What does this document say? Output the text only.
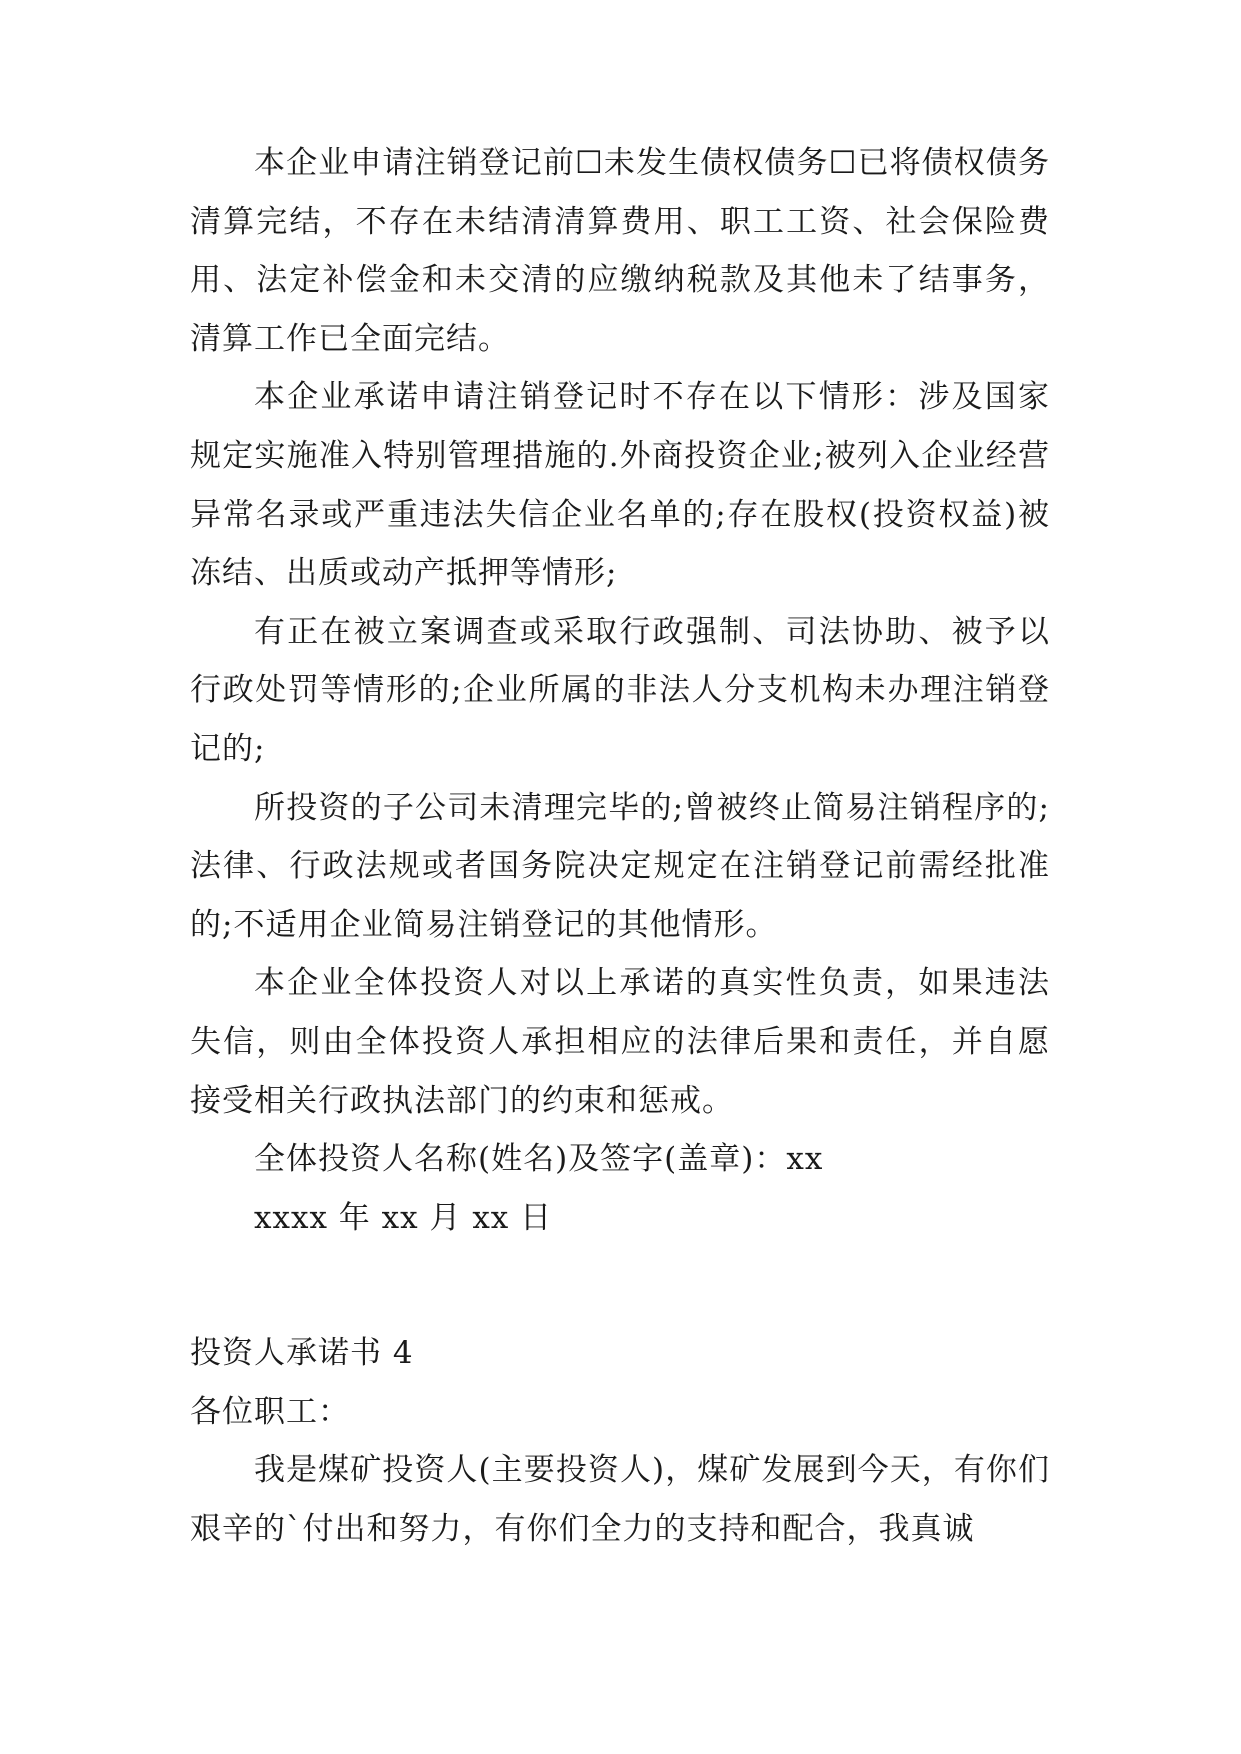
本企业申请注销登记前☐未发生债权债务☐已将债权债务清算完结，不存在未结清清算费用、职工工资、社会保险费用、法定补偿金和未交清的应缴纳税款及其他未了结事务，清算工作已全面完结。

本企业承诺申请注销登记时不存在以下情形：涉及国家规定实施准入特别管理措施的.外商投资企业;被列入企业经营异常名录或严重违法失信企业名单的;存在股权(投资权益)被冻结、出质或动产抵押等情形;

有正在被立案调查或采取行政强制、司法协助、被予以行政处罚等情形的;企业所属的非法人分支机构未办理注销登记的;

所投资的子公司未清理完毕的;曾被终止简易注销程序的;法律、行政法规或者国务院决定规定在注销登记前需经批准的;不适用企业简易注销登记的其他情形。

本企业全体投资人对以上承诺的真实性负责，如果违法失信，则由全体投资人承担相应的法律后果和责任，并自愿接受相关行政执法部门的约束和惩戒。

全体投资人名称(姓名)及签字(盖章)：xx

xxxx 年 xx 月 xx 日

投资人承诺书 4

各位职工：

我是煤矿投资人(主要投资人)，煤矿发展到今天，有你们艰辛的`付出和努力，有你们全力的支持和配合，我真诚
